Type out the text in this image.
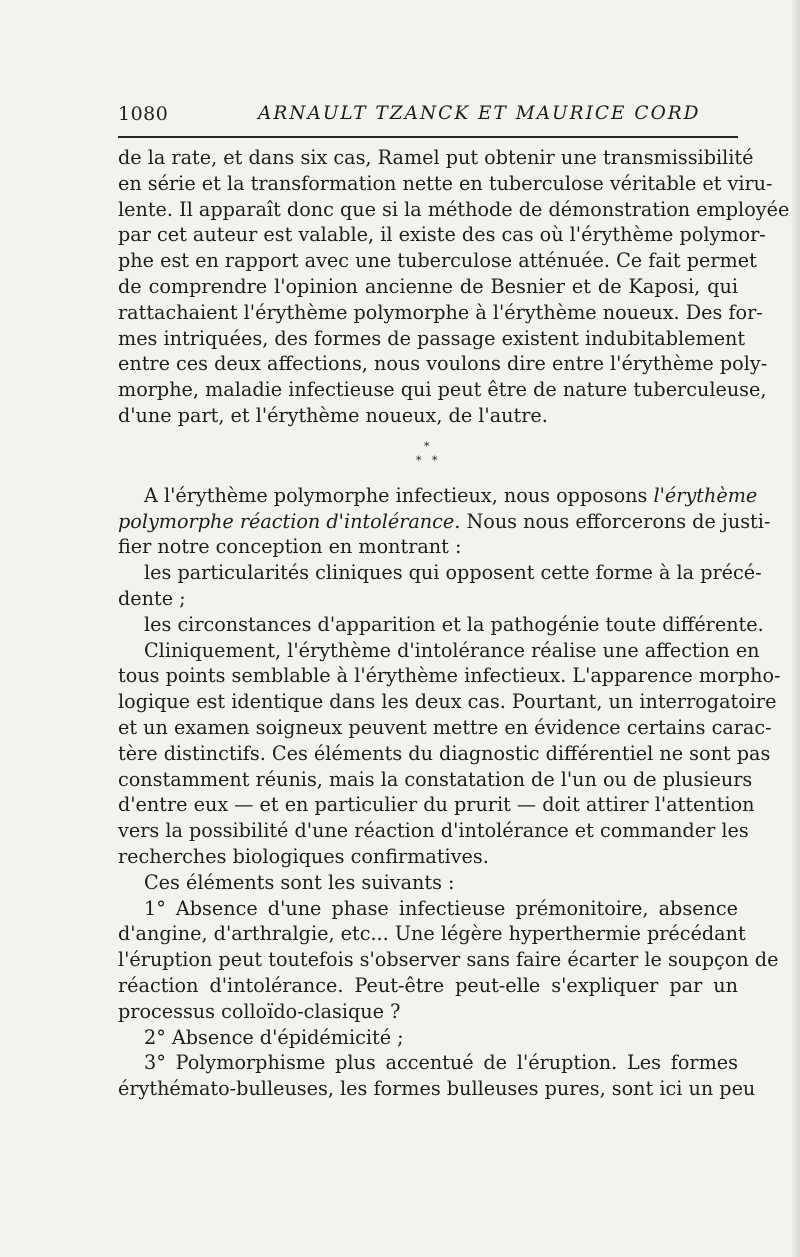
1080	ARNAULT TZANCK ET MAURICE CORD
de la rate, et dans six cas, Ramel put obtenir une transmissibilité
en série et la transformation nette en tuberculose véritable et viru-
lente. Il apparaît donc que si la méthode de démonstration employée
par cet auteur est valable, il existe des cas où l'érythème polymor-
phe est en rapport avec une tuberculose atténuée. Ce fait permet
de comprendre l'opinion ancienne de Besnier et de Kaposi, qui
rattachaient l'érythème polymorphe à l'érythème noueux. Des for-
mes intriquées, des formes de passage existent indubitablement
entre ces deux affections, nous voulons dire entre l'érythème poly-
morphe, maladie infectieuse qui peut être de nature tuberculeuse,
d'une part, et l'érythème noueux, de l'autre.
*
* *
A l'érythème polymorphe infectieux, nous opposons l'érythème
polymorphe réaction d'intolérance. Nous nous efforcerons de justi-
fier notre conception en montrant :
les particularités cliniques qui opposent cette forme à la précé-
dente ;
les circonstances d'apparition et la pathogénie toute différente.
Cliniquement, l'érythème d'intolérance réalise une affection en
tous points semblable à l'érythème infectieux. L'apparence morpho-
logique est identique dans les deux cas. Pourtant, un interrogatoire
et un examen soigneux peuvent mettre en évidence certains carac-
tère distinctifs. Ces éléments du diagnostic différentiel ne sont pas
constamment réunis, mais la constatation de l'un ou de plusieurs
d'entre eux — et en particulier du prurit — doit attirer l'attention
vers la possibilité d'une réaction d'intolérance et commander les
recherches biologiques confirmatives.
Ces éléments sont les suivants :
1° Absence d'une phase infectieuse prémonitoire, absence
d'angine, d'arthralgie, etc... Une légère hyperthermie précédant
l'éruption peut toutefois s'observer sans faire écarter le soupçon de
réaction d'intolérance. Peut-être peut-elle s'expliquer par un
processus colloïdo-clasique ?
2° Absence d'épidémicité ;
3° Polymorphisme plus accentué de l'éruption. Les formes
érythémato-bulleuses, les formes bulleuses pures, sont ici un peu
